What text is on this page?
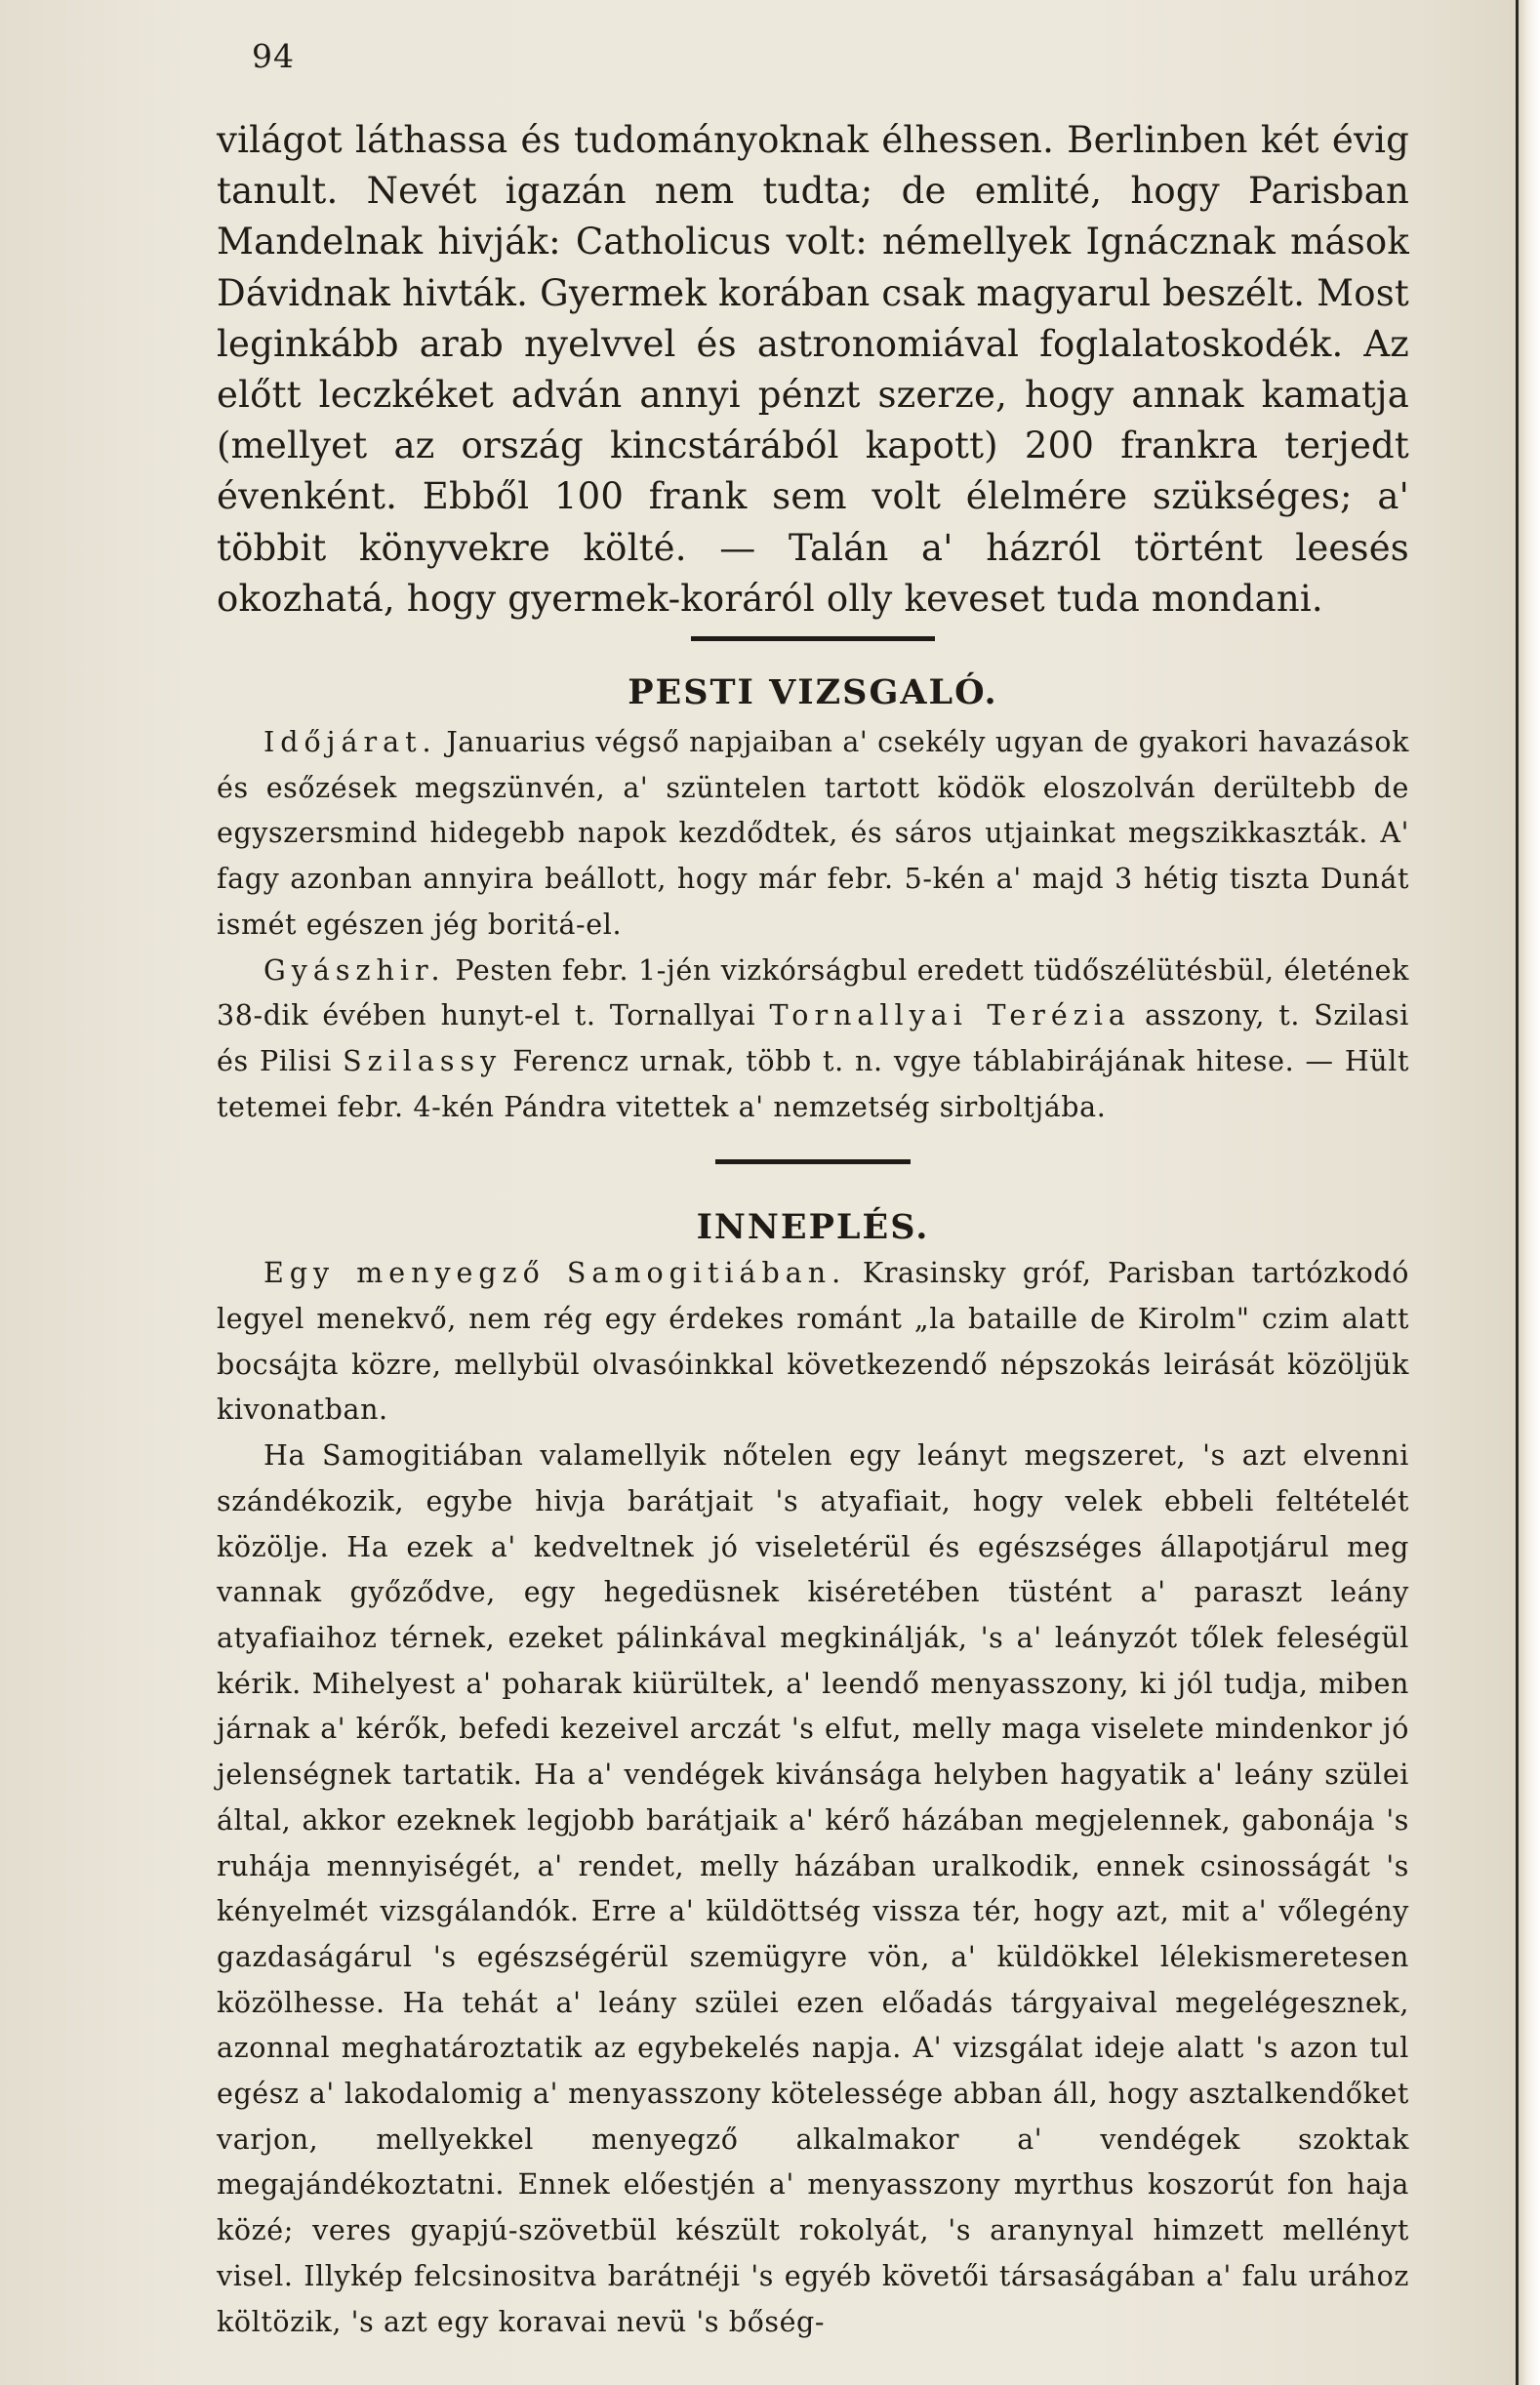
94

világot láthassa és tudományoknak élhessen. Berlinben két évig tanult. Nevét igazán nem tudta; de emlité, hogy Parisban Mandelnak hivják: Catholicus volt: némellyek Ignácznak mások Dávidnak hivták. Gyermek korában csak magyarul beszélt. Most leginkább arab nyelvvel és astronomiával foglalatoskodék. Az előtt leczkéket adván annyi pénzt szerze, hogy annak kamatja (mellyet az ország kincstárából kapott) 200 frankra terjedt évenként. Ebből 100 frank sem volt élelmére szükséges; a' többit könyvekre költé. — Talán a' házról történt leesés okozhatá, hogy gyermek-koráról olly keveset tuda mondani.

PESTI VIZSGALÓ.

Időjárat. Januarius végső napjaiban a' csekély ugyan de gyakori havazások és esőzések megszünvén, a' szüntelen tartott ködök eloszolván derültebb de egyszersmind hidegebb napok kezdődtek, és sáros utjainkat megszikkaszták. A' fagy azonban annyira beállott, hogy már febr. 5-kén a' majd 3 hétig tiszta Dunát ismét egészen jég boritá-el.

Gyászhir. Pesten febr. 1-jén vizkórságbul eredett tüdőszélütésbül, életének 38-dik évében hunyt-el t. Tornallyai Tornallyai Terézia asszony, t. Szilasi és Pilisi Szilassy Ferencz urnak, több t. n. vgye táblabirájának hitese. — Hült tetemei febr. 4-kén Pándra vitettek a' nemzetség sirboltjába.

INNEPLÉS.

Egy menyegző Samogitiában. Krasinsky gróf, Parisban tartózkodó legyel menekvő, nem rég egy érdekes románt „la bataille de Kirolm" czim alatt bocsájta közre, mellybül olvasóinkkal következendő népszokás leirását közöljük kivonatban.

Ha Samogitiában valamellyik nőtelen egy leányt megszeret, 's azt elvenni szándékozik, egybe hivja barátjait 's atyafiait, hogy velek ebbeli feltételét közölje. Ha ezek a' kedveltnek jó viseletérül és egészséges állapotjárul meg vannak győződve, egy hegedüsnek kiséretében tüstént a' paraszt leány atyafiaihoz térnek, ezeket pálinkával megkinálják, 's a' leányzót tőlek feleségül kérik. Mihelyest a' poharak kiürültek, a' leendő menyasszony, ki jól tudja, miben járnak a' kérők, befedi kezeivel arczát 's elfut, melly maga viselete mindenkor jó jelenségnek tartatik. Ha a' vendégek kivánsága helyben hagyatik a' leány szülei által, akkor ezeknek legjobb barátjaik a' kérő házában megjelennek, gabonája 's ruhája mennyiségét, a' rendet, melly házában uralkodik, ennek csinosságát 's kényelmét vizsgálandók. Erre a' küldöttség vissza tér, hogy azt, mit a' vőlegény gazdaságárul 's egészségérül szemügyre vön, a' küldökkel lélekismeretesen közölhesse. Ha tehát a' leány szülei ezen előadás tárgyaival megelégesznek, azonnal meghatároztatik az egybekelés napja. A' vizsgálat ideje alatt 's azon tul egész a' lakodalomig a' menyasszony kötelessége abban áll, hogy asztalkendőket varjon, mellyekkel menyegző alkalmakor a' vendégek szoktak megajándékoztatni. Ennek előestjén a' menyasszony myrthus koszorút fon haja közé; veres gyapjú-szövetbül készült rokolyát, 's aranynyal himzett mellényt visel. Illykép felcsinositva barátnéji 's egyéb követői társaságában a' falu urához költözik, 's azt egy koravai nevü 's bőség-
